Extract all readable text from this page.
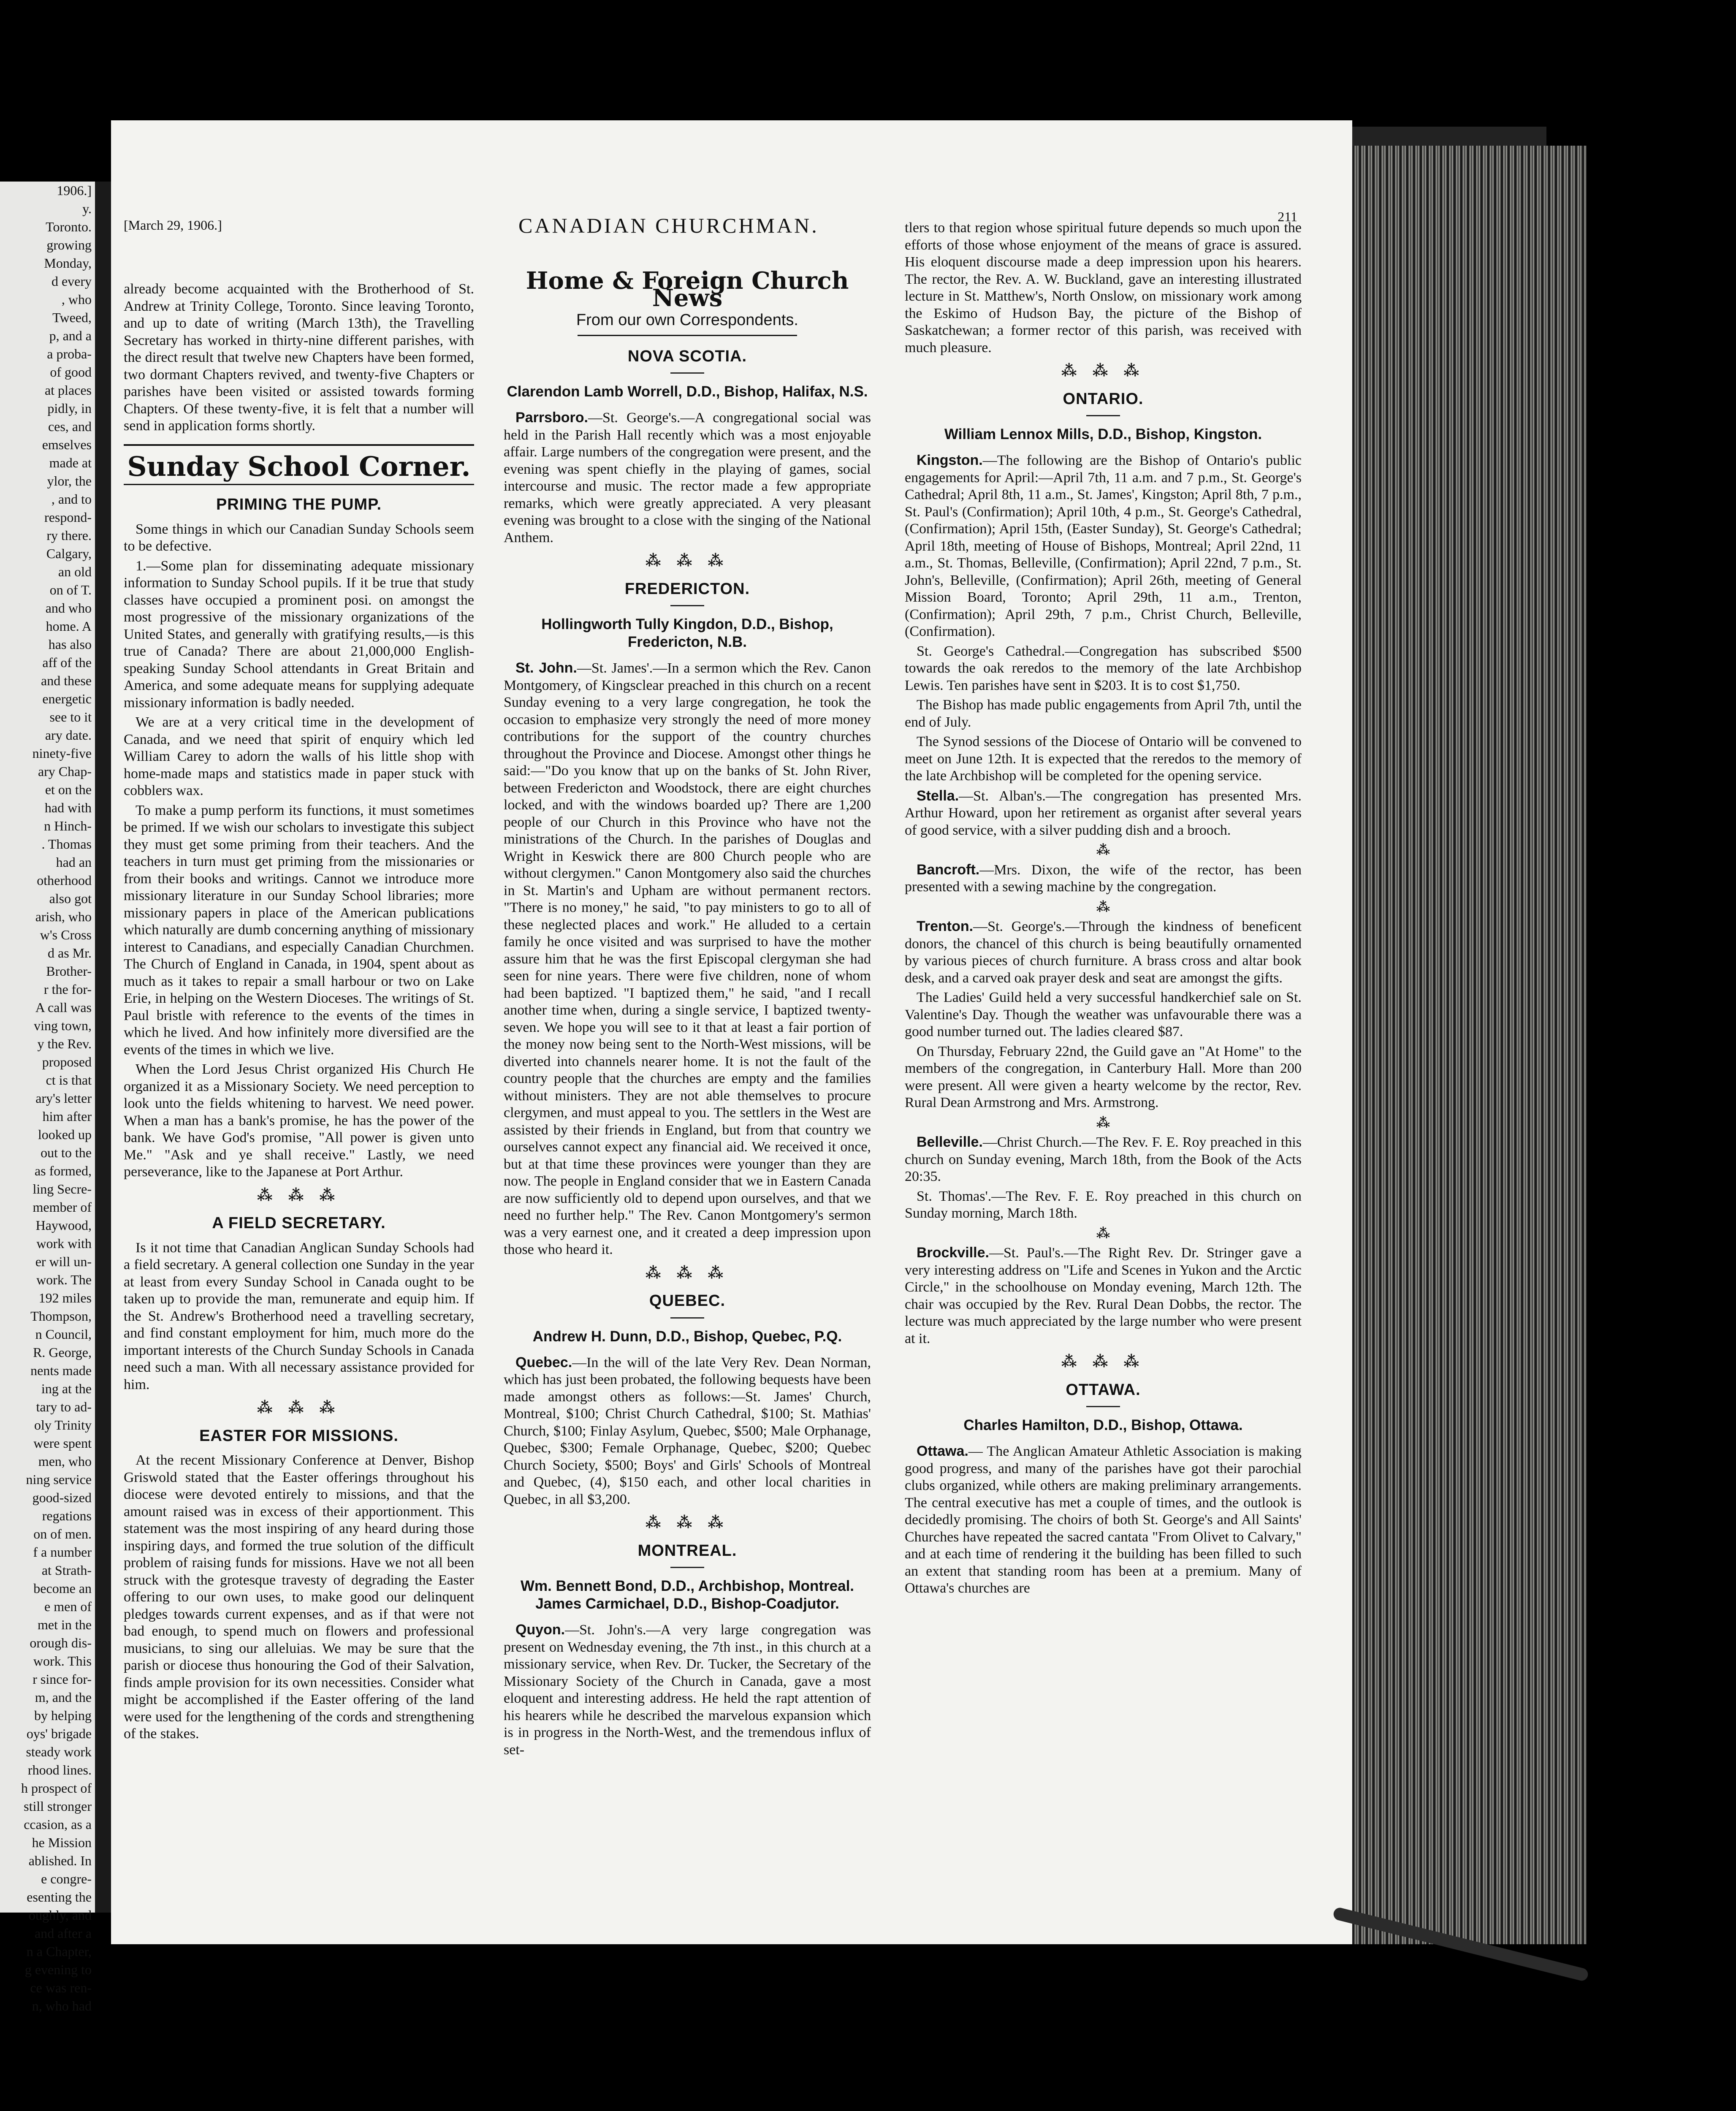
1906.]
y.
Toronto.
growing
Monday,
d every
, who
Tweed,
p, and a
a proba-
of good
at places
pidly, in
ces, and
emselves
made at
ylor, the
, and to
respond-
ry there.
Calgary,
an old
on of T.
and who
home. A
has also
aff of the
and these
energetic
see to it
ary date.
ninety-five
ary Chap-
et on the
had with
n Hinch-
. Thomas
had an
otherhood
also got
arish, who
w's Cross
d as Mr.
Brother-
r the for-
A call was
ving town,
y the Rev.
proposed
ct is that
ary's letter
him after
looked up
out to the
as formed,
ling Secre-
member of
Haywood,
work with
er will un-
work. The
192 miles
Thompson,
n Council,
R. George,
nents made
ing at the
tary to ad-
oly Trinity
were spent
men, who
ning service
good-sized
regations
on of men.
f a number
at Strath-
become an
e men of
met in the
orough dis-
work. This
r since for-
m, and the
by helping
oys' brigade
steady work
rhood lines.
h prospect of
still stronger
ccasion, as a
he Mission
ablished. In
e congre-
esenting the
oughly, and
and after a
n a Chapter,
g evening to
ce was ren-
n, who had
[March 29, 1906.]	CANADIAN CHURCHMAN.	211

already become acquainted with the Brotherhood of St. Andrew at Trinity College, Toronto. Since leaving Toronto, and up to date of writing (March 13th), the Travelling Secretary has worked in thirty-nine different parishes, with the direct result that twelve new Chapters have been formed, two dormant Chapters revived, and twenty-five Chapters or parishes have been visited or assisted towards forming Chapters. Of these twenty-five, it is felt that a number will send in application forms shortly.

Sunday School Corner.
PRIMING THE PUMP.

Some things in which our Canadian Sunday Schools seem to be defective.

1.—Some plan for disseminating adequate missionary information to Sunday School pupils. If it be true that study classes have occupied a prominent posi. on amongst the most progressive of the missionary organizations of the United States, and generally with gratifying results,—is this true of Canada? There are about 21,000,000 English-speaking Sunday School attendants in Great Britain and America, and some adequate means for supplying adequate missionary information is badly needed.

We are at a very critical time in the development of Canada, and we need that spirit of enquiry which led William Carey to adorn the walls of his little shop with home-made maps and statistics made in paper stuck with cobblers wax.

To make a pump perform its functions, it must sometimes be primed. If we wish our scholars to investigate this subject they must get some priming from their teachers. And the teachers in turn must get priming from the missionaries or from their books and writings. Cannot we introduce more missionary literature in our Sunday School libraries; more missionary papers in place of the American publications which naturally are dumb concerning anything of missionary interest to Canadians, and especially Canadian Churchmen. The Church of England in Canada, in 1904, spent about as much as it takes to repair a small harbour or two on Lake Erie, in helping on the Western Dioceses. The writings of St. Paul bristle with reference to the events of the times in which he lived. And how infinitely more diversified are the events of the times in which we live.

When the Lord Jesus Christ organized His Church He organized it as a Missionary Society. We need perception to look unto the fields whitening to harvest. We need power. When a man has a bank's promise, he has the power of the bank. We have God's promise, "All power is given unto Me." "Ask and ye shall receive." Lastly, we need perseverance, like to the Japanese at Port Arthur.

⁂ ⁂ ⁂
A FIELD SECRETARY.

Is it not time that Canadian Anglican Sunday Schools had a field secretary. A general collection one Sunday in the year at least from every Sunday School in Canada ought to be taken up to provide the man, remunerate and equip him. If the St. Andrew's Brotherhood need a travelling secretary, and find constant employment for him, much more do the important interests of the Church Sunday Schools in Canada need such a man. With all necessary assistance provided for him.

⁂ ⁂ ⁂
EASTER FOR MISSIONS.

At the recent Missionary Conference at Denver, Bishop Griswold stated that the Easter offerings throughout his diocese were devoted entirely to missions, and that the amount raised was in excess of their apportionment. This statement was the most inspiring of any heard during those inspiring days, and formed the true solution of the difficult problem of raising funds for missions. Have we not all been struck with the grotesque travesty of degrading the Easter offering to our own uses, to make good our delinquent pledges towards current expenses, and as if that were not bad enough, to spend much on flowers and professional musicians, to sing our alleluias. We may be sure that the parish or diocese thus honouring the God of their Salvation, finds ample provision for its own necessities. Consider what might be accomplished if the Easter offering of the land were used for the lengthening of the cords and strengthening of the stakes.

Home & Foreign Church News
From our own Correspondents.
NOVA SCOTIA.
Clarendon Lamb Worrell, D.D., Bishop, Halifax, N.S.

Parrsboro.—St. George's.—A congregational social was held in the Parish Hall recently which was a most enjoyable affair. Large numbers of the congregation were present, and the evening was spent chiefly in the playing of games, social intercourse and music. The rector made a few appropriate remarks, which were greatly appreciated. A very pleasant evening was brought to a close with the singing of the National Anthem.

⁂ ⁂ ⁂
FREDERICTON.
Hollingworth Tully Kingdon, D.D., Bishop, Fredericton, N.B.

St. John.—St. James'.—In a sermon which the Rev. Canon Montgomery, of Kingsclear preached in this church on a recent Sunday evening to a very large congregation, he took the occasion to emphasize very strongly the need of more money contributions for the support of the country churches throughout the Province and Diocese. Amongst other things he said:—"Do you know that up on the banks of St. John River, between Fredericton and Woodstock, there are eight churches locked, and with the windows boarded up? There are 1,200 people of our Church in this Province who have not the ministrations of the Church. In the parishes of Douglas and Wright in Keswick there are 800 Church people who are without clergymen." Canon Montgomery also said the churches in St. Martin's and Upham are without permanent rectors. "There is no money," he said, "to pay ministers to go to all of these neglected places and work." He alluded to a certain family he once visited and was surprised to have the mother assure him that he was the first Episcopal clergyman she had seen for nine years. There were five children, none of whom had been baptized. "I baptized them," he said, "and I recall another time when, during a single service, I baptized twenty-seven. We hope you will see to it that at least a fair portion of the money now being sent to the North-West missions, will be diverted into channels nearer home. It is not the fault of the country people that the churches are empty and the families without ministers. They are not able themselves to procure clergymen, and must appeal to you. The settlers in the West are assisted by their friends in England, but from that country we ourselves cannot expect any financial aid. We received it once, but at that time these provinces were younger than they are now. The people in England consider that we in Eastern Canada are now sufficiently old to depend upon ourselves, and that we need no further help." The Rev. Canon Montgomery's sermon was a very earnest one, and it created a deep impression upon those who heard it.

⁂ ⁂ ⁂
QUEBEC.
Andrew H. Dunn, D.D., Bishop, Quebec, P.Q.

Quebec.—In the will of the late Very Rev. Dean Norman, which has just been probated, the following bequests have been made amongst others as follows:—St. James' Church, Montreal, $100; Christ Church Cathedral, $100; St. Mathias' Church, $100; Finlay Asylum, Quebec, $500; Male Orphanage, Quebec, $300; Female Orphanage, Quebec, $200; Quebec Church Society, $500; Boys' and Girls' Schools of Montreal and Quebec, (4), $150 each, and other local charities in Quebec, in all $3,200.

⁂ ⁂ ⁂
MONTREAL.
Wm. Bennett Bond, D.D., Archbishop, Montreal. James Carmichael, D.D., Bishop-Coadjutor.

Quyon.—St. John's.—A very large congregation was present on Wednesday evening, the 7th inst., in this church at a missionary service, when Rev. Dr. Tucker, the Secretary of the Missionary Society of the Church in Canada, gave a most eloquent and interesting address. He held the rapt attention of his hearers while he described the marvelous expansion which is in progress in the North-West, and the tremendous influx of set-

tlers to that region whose spiritual future depends so much upon the efforts of those whose enjoyment of the means of grace is assured. His eloquent discourse made a deep impression upon his hearers. The rector, the Rev. A. W. Buckland, gave an interesting illustrated lecture in St. Matthew's, North Onslow, on missionary work among the Eskimo of Hudson Bay, the picture of the Bishop of Saskatchewan; a former rector of this parish, was received with much pleasure.

⁂ ⁂ ⁂
ONTARIO.
William Lennox Mills, D.D., Bishop, Kingston.

Kingston.—The following are the Bishop of Ontario's public engagements for April:—April 7th, 11 a.m. and 7 p.m., St. George's Cathedral; April 8th, 11 a.m., St. James', Kingston; April 8th, 7 p.m., St. Paul's (Confirmation); April 10th, 4 p.m., St. George's Cathedral, (Confirmation); April 15th, (Easter Sunday), St. George's Cathedral; April 18th, meeting of House of Bishops, Montreal; April 22nd, 11 a.m., St. Thomas, Belleville, (Confirmation); April 22nd, 7 p.m., St. John's, Belleville, (Confirmation); April 26th, meeting of General Mission Board, Toronto; April 29th, 11 a.m., Trenton, (Confirmation); April 29th, 7 p.m., Christ Church, Belleville, (Confirmation).

St. George's Cathedral.—Congregation has subscribed $500 towards the oak reredos to the memory of the late Archbishop Lewis. Ten parishes have sent in $203. It is to cost $1,750.

The Bishop has made public engagements from April 7th, until the end of July.

The Synod sessions of the Diocese of Ontario will be convened to meet on June 12th. It is expected that the reredos to the memory of the late Archbishop will be completed for the opening service.

Stella.—St. Alban's.—The congregation has presented Mrs. Arthur Howard, upon her retirement as organist after several years of good service, with a silver pudding dish and a brooch.

⁂

Bancroft.—Mrs. Dixon, the wife of the rector, has been presented with a sewing machine by the congregation.

⁂

Trenton.—St. George's.—Through the kindness of beneficent donors, the chancel of this church is being beautifully ornamented by various pieces of church furniture. A brass cross and altar book desk, and a carved oak prayer desk and seat are amongst the gifts.

The Ladies' Guild held a very successful handkerchief sale on St. Valentine's Day. Though the weather was unfavourable there was a good number turned out. The ladies cleared $87.

On Thursday, February 22nd, the Guild gave an "At Home" to the members of the congregation, in Canterbury Hall. More than 200 were present. All were given a hearty welcome by the rector, Rev. Rural Dean Armstrong and Mrs. Armstrong.

⁂

Belleville.—Christ Church.—The Rev. F. E. Roy preached in this church on Sunday evening, March 18th, from the Book of the Acts 20:35.

St. Thomas'.—The Rev. F. E. Roy preached in this church on Sunday morning, March 18th.

⁂

Brockville.—St. Paul's.—The Right Rev. Dr. Stringer gave a very interesting address on "Life and Scenes in Yukon and the Arctic Circle," in the schoolhouse on Monday evening, March 12th. The chair was occupied by the Rev. Rural Dean Dobbs, the rector. The lecture was much appreciated by the large number who were present at it.

⁂ ⁂ ⁂
OTTAWA.
Charles Hamilton, D.D., Bishop, Ottawa.

Ottawa.— The Anglican Amateur Athletic Association is making good progress, and many of the parishes have got their parochial clubs organized, while others are making preliminary arrangements. The central executive has met a couple of times, and the outlook is decidedly promising. The choirs of both St. George's and All Saints' Churches have repeated the sacred cantata "From Olivet to Calvary," and at each time of rendering it the building has been filled to such an extent that standing room has been at a premium. Many of Ottawa's churches are
